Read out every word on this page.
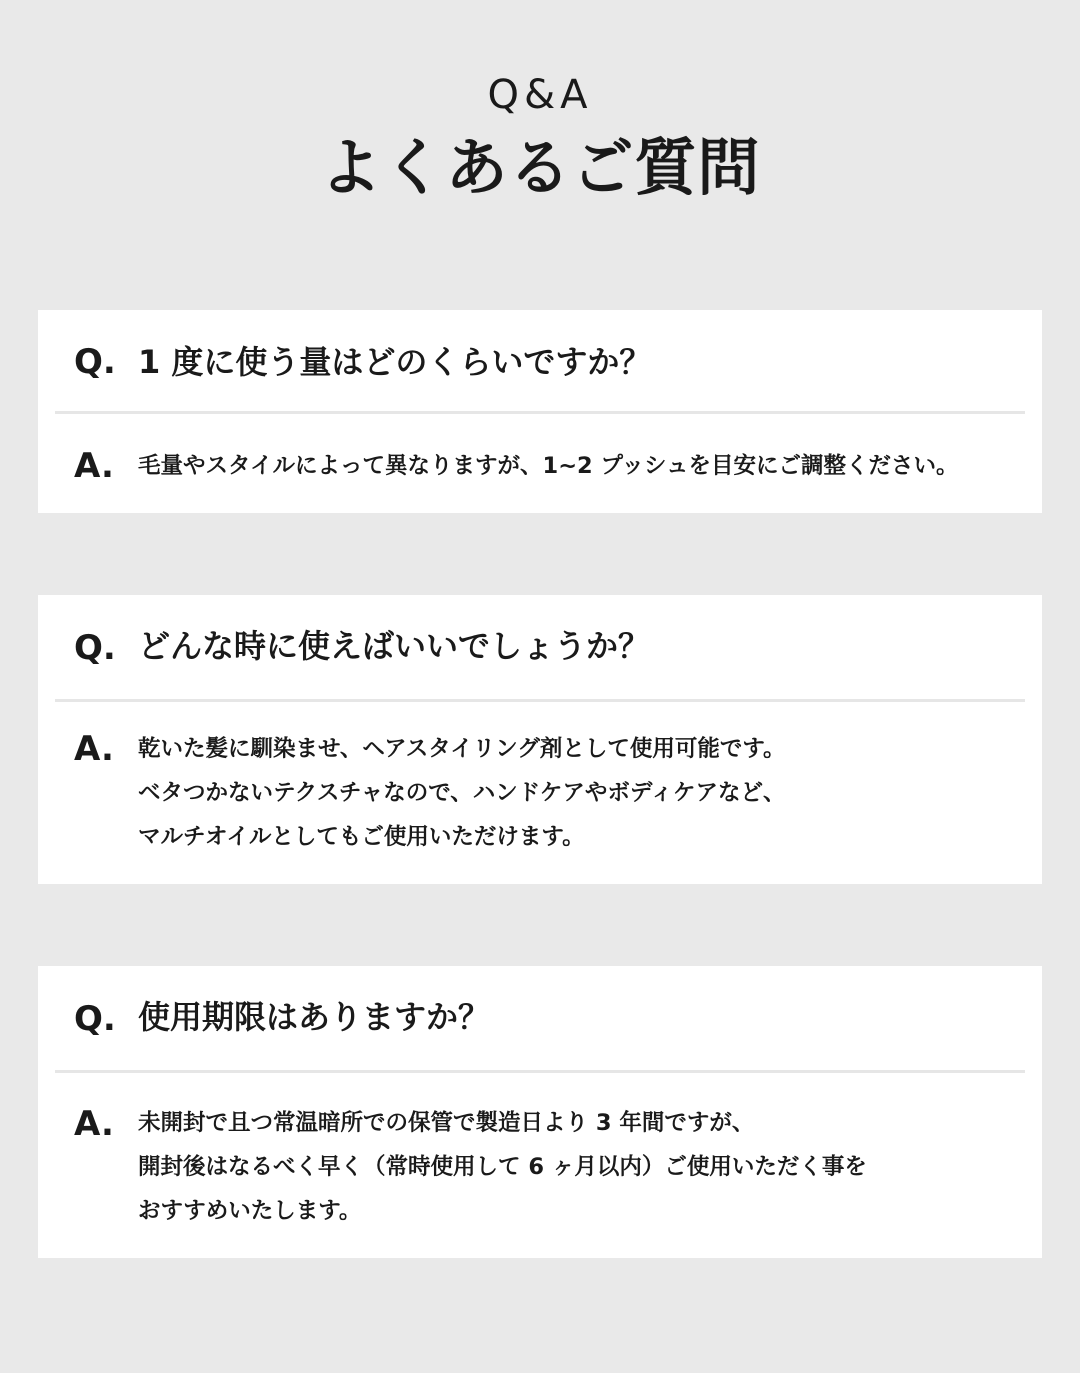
Q&A
よくあるご質問
Q. 1 度に使う量はどのくらいですか？
A. 毛量やスタイルによって異なりますが、1~2 プッシュを目安にご調整ください。
Q. どんな時に使えばいいでしょうか？
A. 乾いた髪に馴染ませ、ヘアスタイリング剤として使用可能です。
ベタつかないテクスチャなので、ハンドケアやボディケアなど、
マルチオイルとしてもご使用いただけます。
Q. 使用期限はありますか？
A. 未開封で且つ常温暗所での保管で製造日より 3 年間ですが、
開封後はなるべく早く（常時使用して 6 ヶ月以内）ご使用いただく事を
おすすめいたします。
